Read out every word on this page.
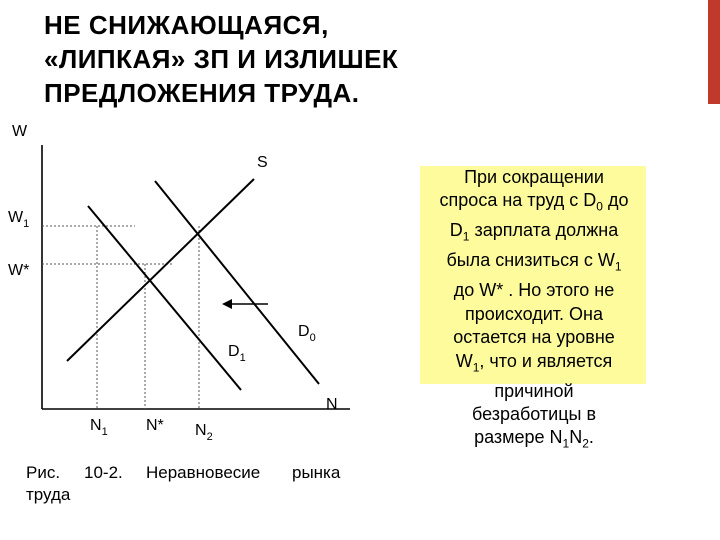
НЕ СНИЖАЮЩАЯСЯ,
«ЛИПКАЯ» ЗП И ИЗЛИШЕК
ПРЕДЛОЖЕНИЯ ТРУДА.
W
N
S
$D_0$
$D_1$
$W_1$
W*
$N_1$ N* $N_2$
При сокращении
спроса на труд с $D_0$ до
$D_1$ зарплата должна
была снизиться с $W_1$
до W* . Но этого не
происходит. Она
остается на уровне
$W_1$, что и является
причиной
безработицы в
размере $N_1N_2$.
Рис. 10-2. Неравновесие рынка
труда
